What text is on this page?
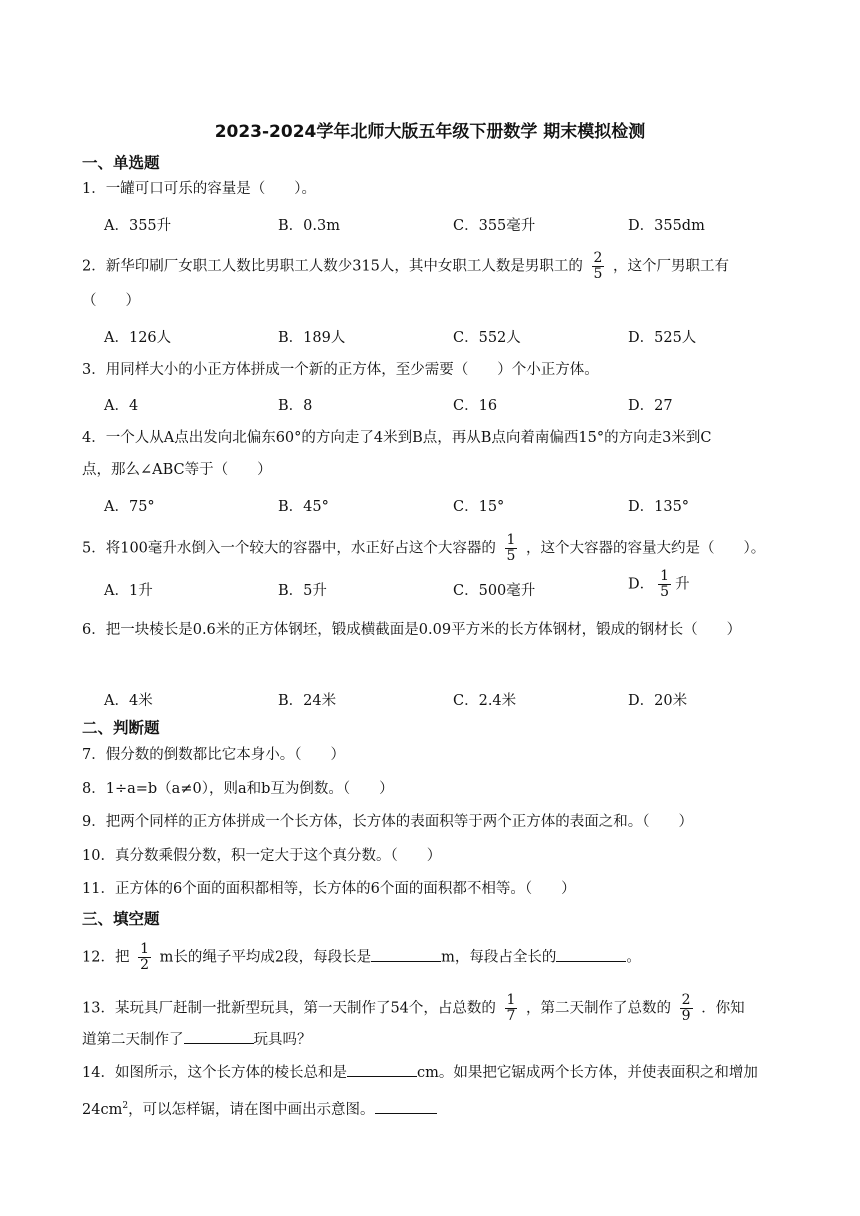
2023-2024学年北师大版五年级下册数学 期末模拟检测
一、单选题
1．一罐可口可乐的容量是（　　）。
A．355升	B．0.3m	C．355毫升	D．355dm
2．新华印刷厂女职工人数比男职工人数少315人，其中女职工人数是男职工的 $\frac{2}{5}$ ，这个厂男职工有
（　　）
A．126人	B．189人	C．552人	D．525人
3．用同样大小的小正方体拼成一个新的正方体，至少需要（　　）个小正方体。
A．4	B．8	C．16	D．27
4．一个人从A点出发向北偏东60°的方向走了4米到B点，再从B点向着南偏西15°的方向走3米到C
点，那么∠ABC等于（　　）
A．75°	B．45°	C．15°	D．135°
5．将100毫升水倒入一个较大的容器中，水正好占这个大容器的 $\frac{1}{5}$ ，这个大容器的容量大约是（　　）。
A．1升	B．5升	C．500毫升	D． $\frac{1}{5}$ 升
6．把一块棱长是0.6米的正方体钢坯，锻成横截面是0.09平方米的长方体钢材，锻成的钢材长（　　）
A．4米	B．24米	C．2.4米	D．20米
二、判断题
7．假分数的倒数都比它本身小。（　　）
8．1÷a=b（a≠0），则a和b互为倒数。（　　）
9．把两个同样的正方体拼成一个长方体，长方体的表面积等于两个正方体的表面之和。（　　）
10．真分数乘假分数，积一定大于这个真分数。（　　）
11．正方体的6个面的面积都相等，长方体的6个面的面积都不相等。（　　）
三、填空题
12．把 $\frac{1}{2}$ m长的绳子平均成2段，每段长是	m，每段占全长的	。
13．某玩具厂赶制一批新型玩具，第一天制作了54个，占总数的 $\frac{1}{7}$ ，第二天制作了总数的 $\frac{2}{9}$ ．你知
道第二天制作了	玩具吗？
14．如图所示，这个长方体的棱长总和是	cm。如果把它锯成两个长方体，并使表面积之和增加
$24cm^2$，可以怎样锯，请在图中画出示意图。
